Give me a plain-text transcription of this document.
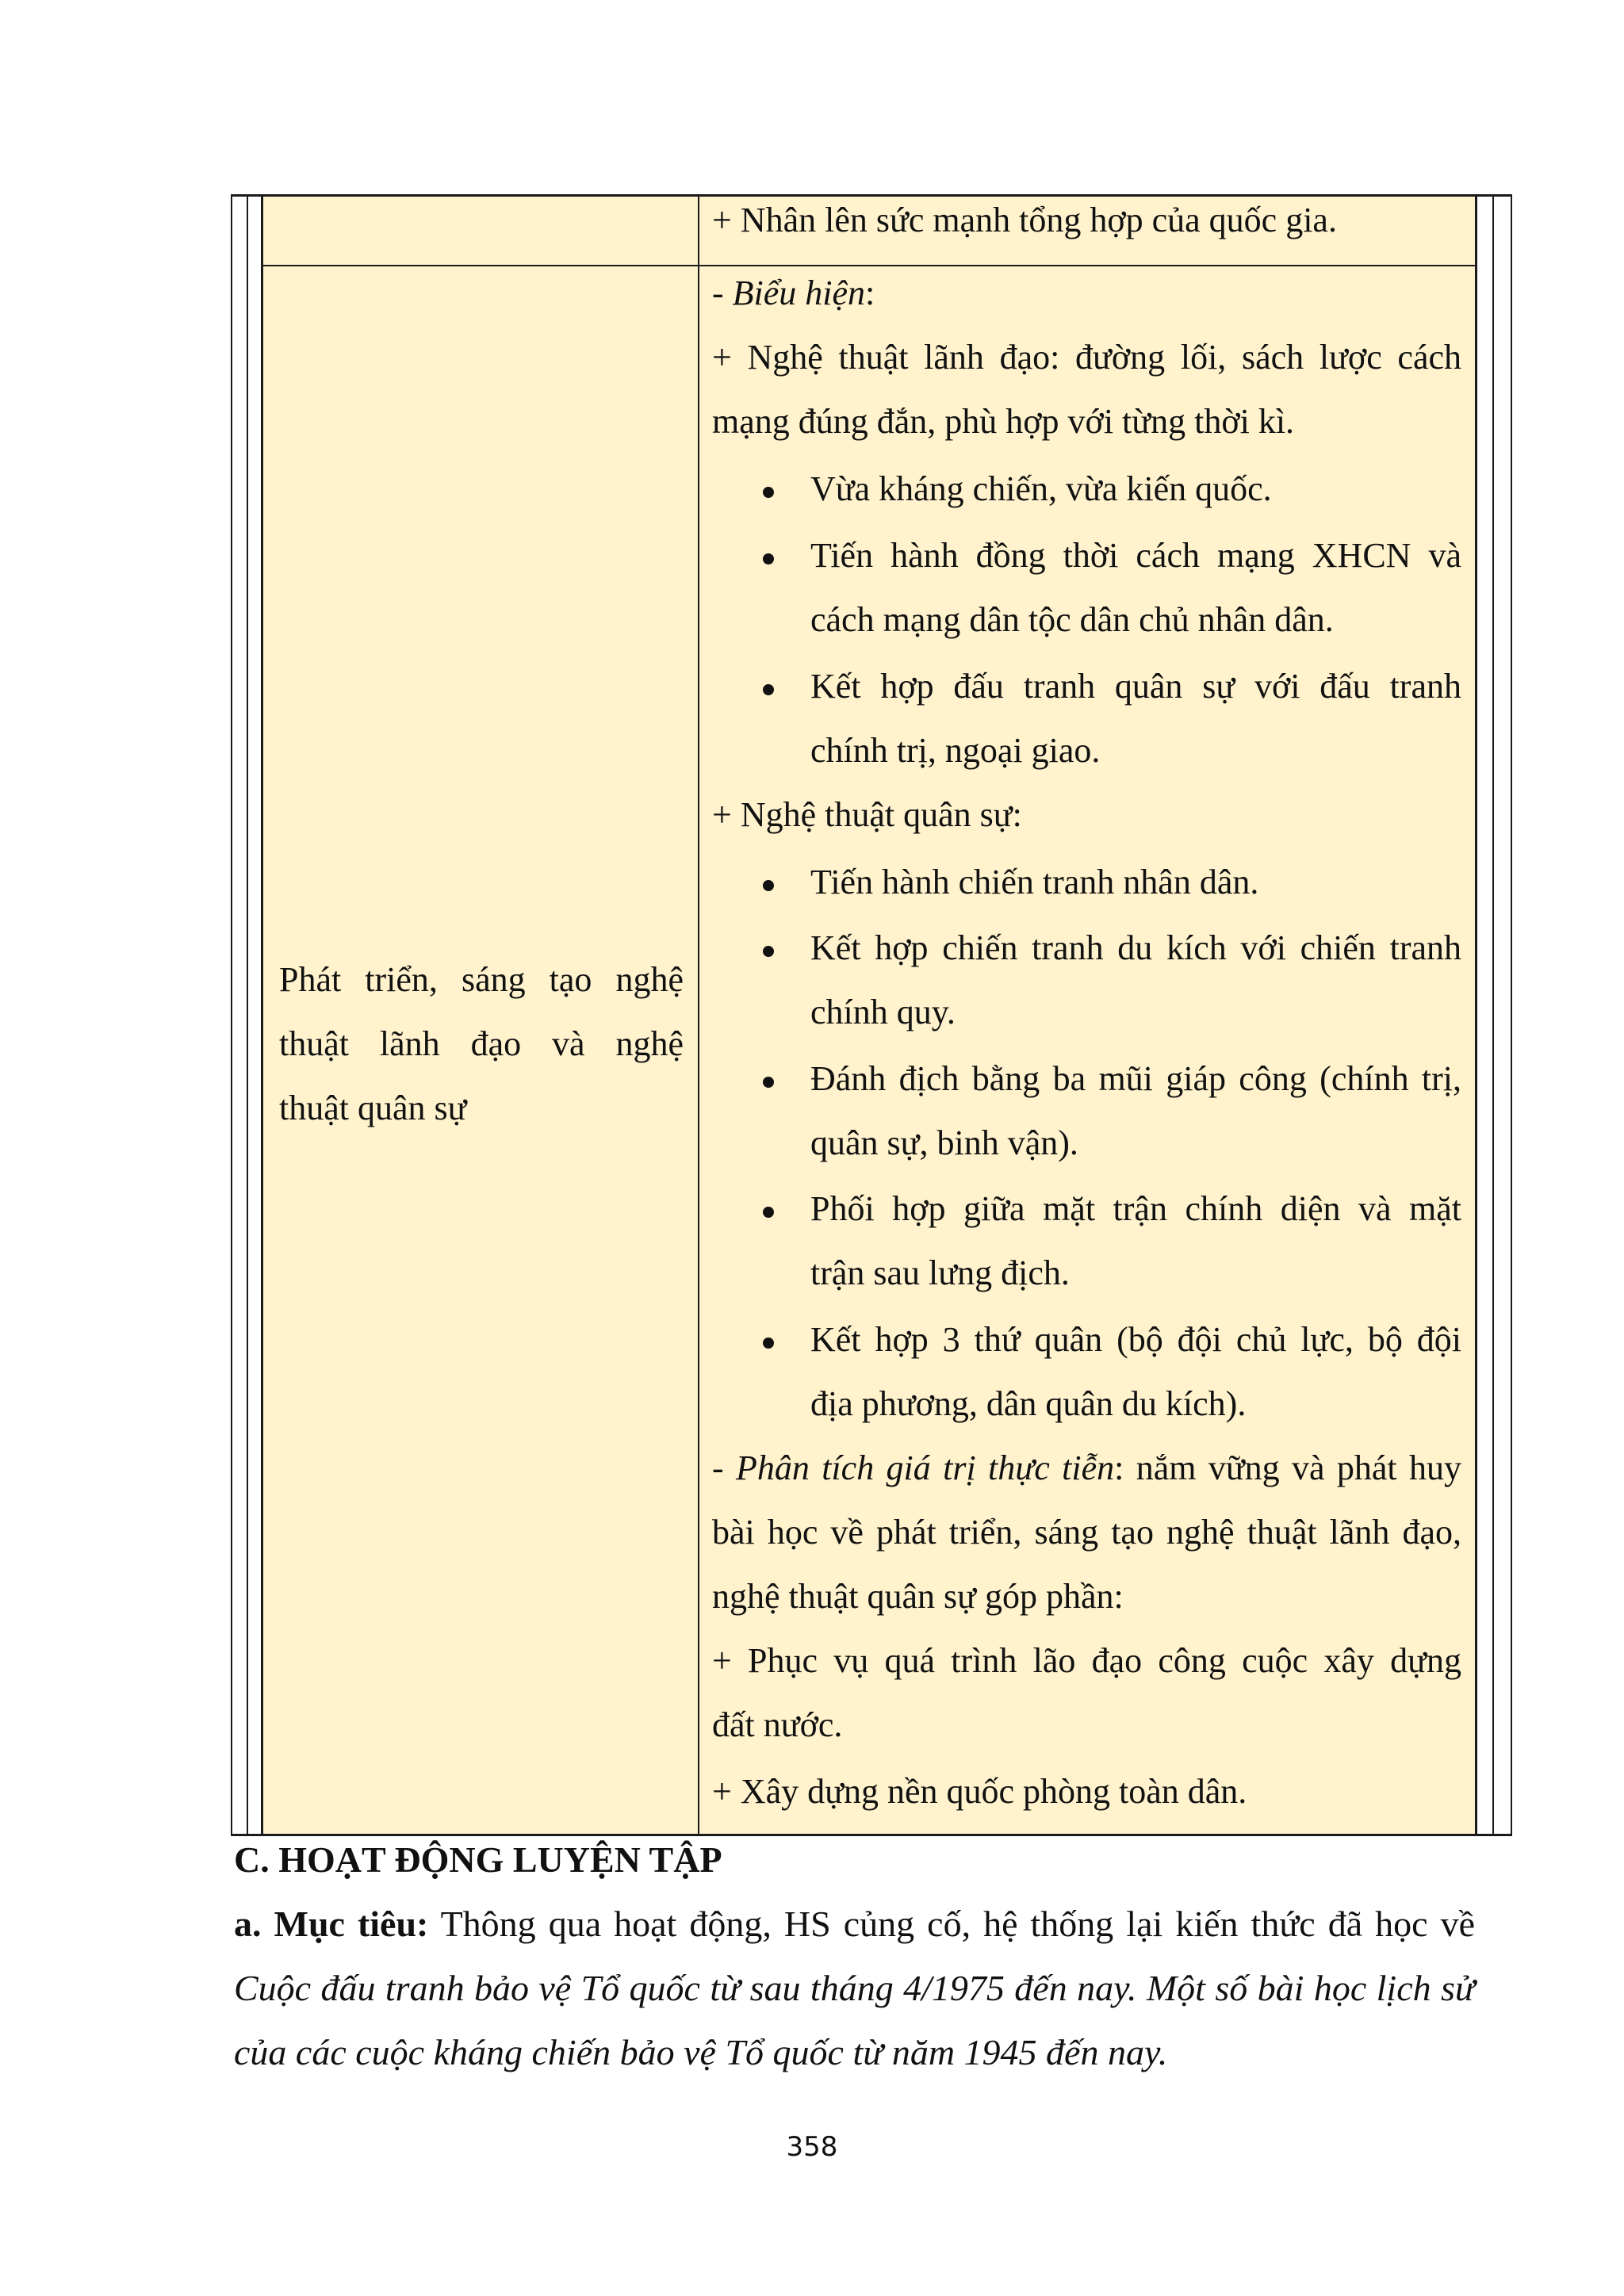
+ Nhân lên sức mạnh tổng hợp của quốc gia.
Phát triển, sáng tạo nghệ
thuật lãnh đạo và nghệ
thuật quân sự
- Biểu hiện:
+ Nghệ thuật lãnh đạo: đường lối, sách lược cách
mạng đúng đắn, phù hợp với từng thời kì.
Vừa kháng chiến, vừa kiến quốc.
Tiến hành đồng thời cách mạng XHCN và
cách mạng dân tộc dân chủ nhân dân.
Kết hợp đấu tranh quân sự với đấu tranh
chính trị, ngoại giao.
+ Nghệ thuật quân sự:
Tiến hành chiến tranh nhân dân.
Kết hợp chiến tranh du kích với chiến tranh
chính quy.
Đánh địch bằng ba mũi giáp công (chính trị,
quân sự, binh vận).
Phối hợp giữa mặt trận chính diện và mặt
trận sau lưng địch.
Kết hợp 3 thứ quân (bộ đội chủ lực, bộ đội
địa phương, dân quân du kích).
- Phân tích giá trị thực tiễn: nắm vững và phát huy
bài học về phát triển, sáng tạo nghệ thuật lãnh đạo,
nghệ thuật quân sự góp phần:
+ Phục vụ quá trình lão đạo công cuộc xây dựng
đất nước.
+ Xây dựng nền quốc phòng toàn dân.
C. HOẠT ĐỘNG LUYỆN TẬP
a. Mục tiêu: Thông qua hoạt động, HS củng cố, hệ thống lại kiến thức đã học về
Cuộc đấu tranh bảo vệ Tổ quốc từ sau tháng 4/1975 đến nay. Một số bài học lịch sử
của các cuộc kháng chiến bảo vệ Tổ quốc từ năm 1945 đến nay.
358
